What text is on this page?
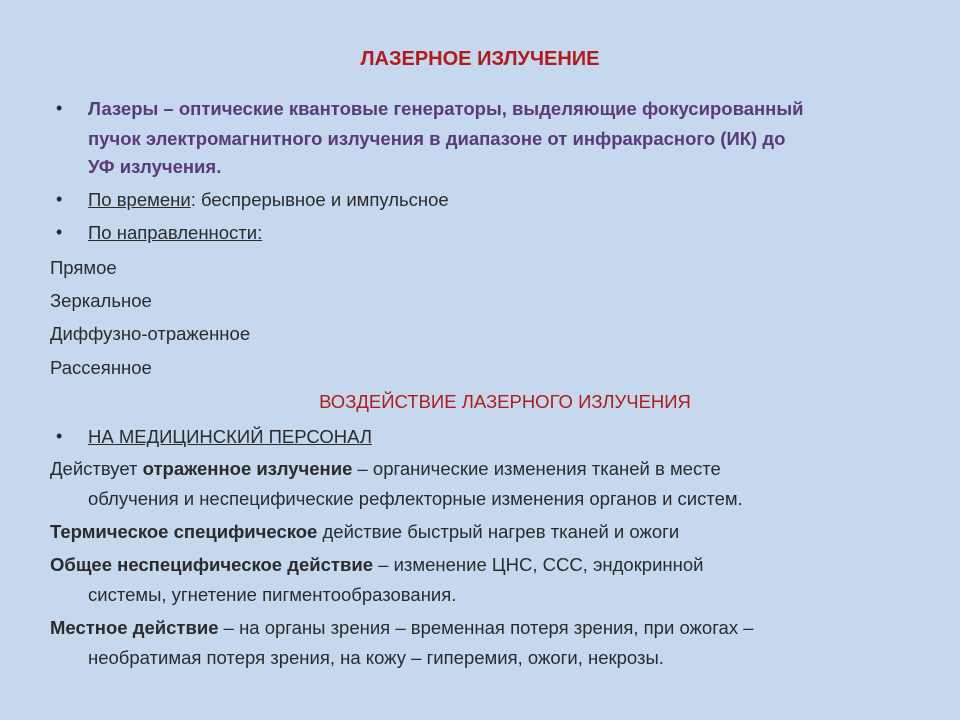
ЛАЗЕРНОЕ ИЗЛУЧЕНИЕ
• Лазеры – оптические квантовые генераторы, выделяющие фокусированный
пучок электромагнитного излучения в диапазоне от инфракрасного (ИК) до
УФ излучения.
• По времени: беспрерывное и импульсное
• По направленности:
Прямое
Зеркальное
Диффузно-отраженное
Рассеянное
ВОЗДЕЙСТВИЕ ЛАЗЕРНОГО ИЗЛУЧЕНИЯ
• НА МЕДИЦИНСКИЙ ПЕРСОНАЛ
Действует отраженное излучение – органические изменения тканей в месте
облучения и неспецифические рефлекторные изменения органов и систем.
Термическое специфическое действие быстрый нагрев тканей и ожоги
Общее неспецифическое действие – изменение ЦНС, ССС, эндокринной
системы, угнетение пигментообразования.
Местное действие – на органы зрения – временная потеря зрения, при ожогах –
необратимая потеря зрения, на кожу – гиперемия, ожоги, некрозы.
